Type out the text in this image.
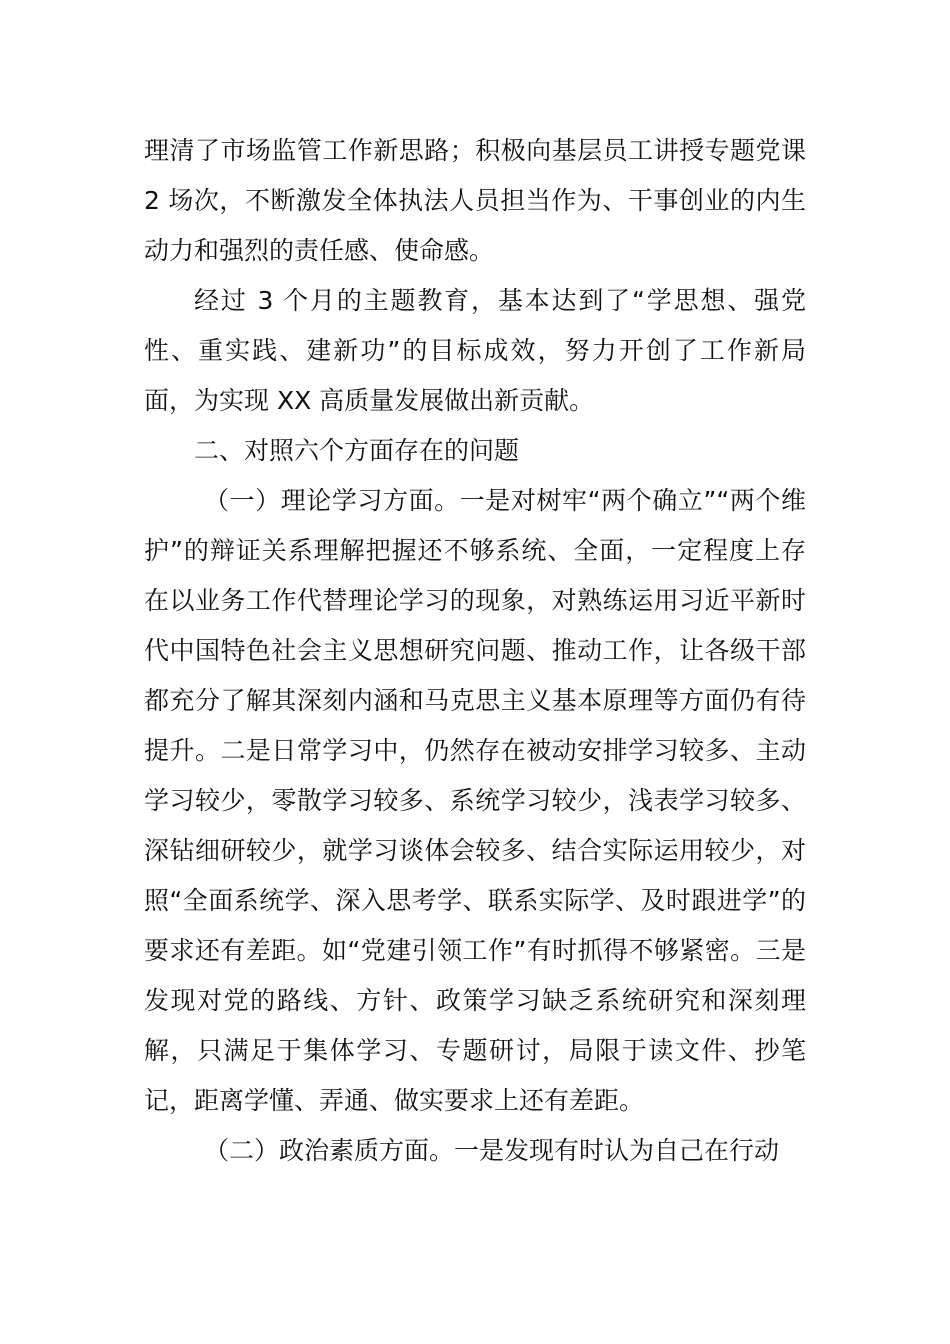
理清了市场监管工作新思路；积极向基层员工讲授专题党课 2 场次，不断激发全体执法人员担当作为、干事创业的内生动力和强烈的责任感、使命感。

经过 3 个月的主题教育，基本达到了“学思想、强党性、重实践、建新功”的目标成效，努力开创了工作新局面，为实现 XX 高质量发展做出新贡献。

二、对照六个方面存在的问题

（一）理论学习方面。一是对树牢“两个确立”“两个维护”的辩证关系理解把握还不够系统、全面，一定程度上存在以业务工作代替理论学习的现象，对熟练运用习近平新时代中国特色社会主义思想研究问题、推动工作，让各级干部都充分了解其深刻内涵和马克思主义基本原理等方面仍有待提升。二是日常学习中，仍然存在被动安排学习较多、主动学习较少，零散学习较多、系统学习较少，浅表学习较多、深钻细研较少，就学习谈体会较多、结合实际运用较少，对照“全面系统学、深入思考学、联系实际学、及时跟进学”的要求还有差距。如“党建引领工作”有时抓得不够紧密。三是发现对党的路线、方针、政策学习缺乏系统研究和深刻理解，只满足于集体学习、专题研讨，局限于读文件、抄笔记，距离学懂、弄通、做实要求上还有差距。

（二）政治素质方面。一是发现有时认为自己在行动
